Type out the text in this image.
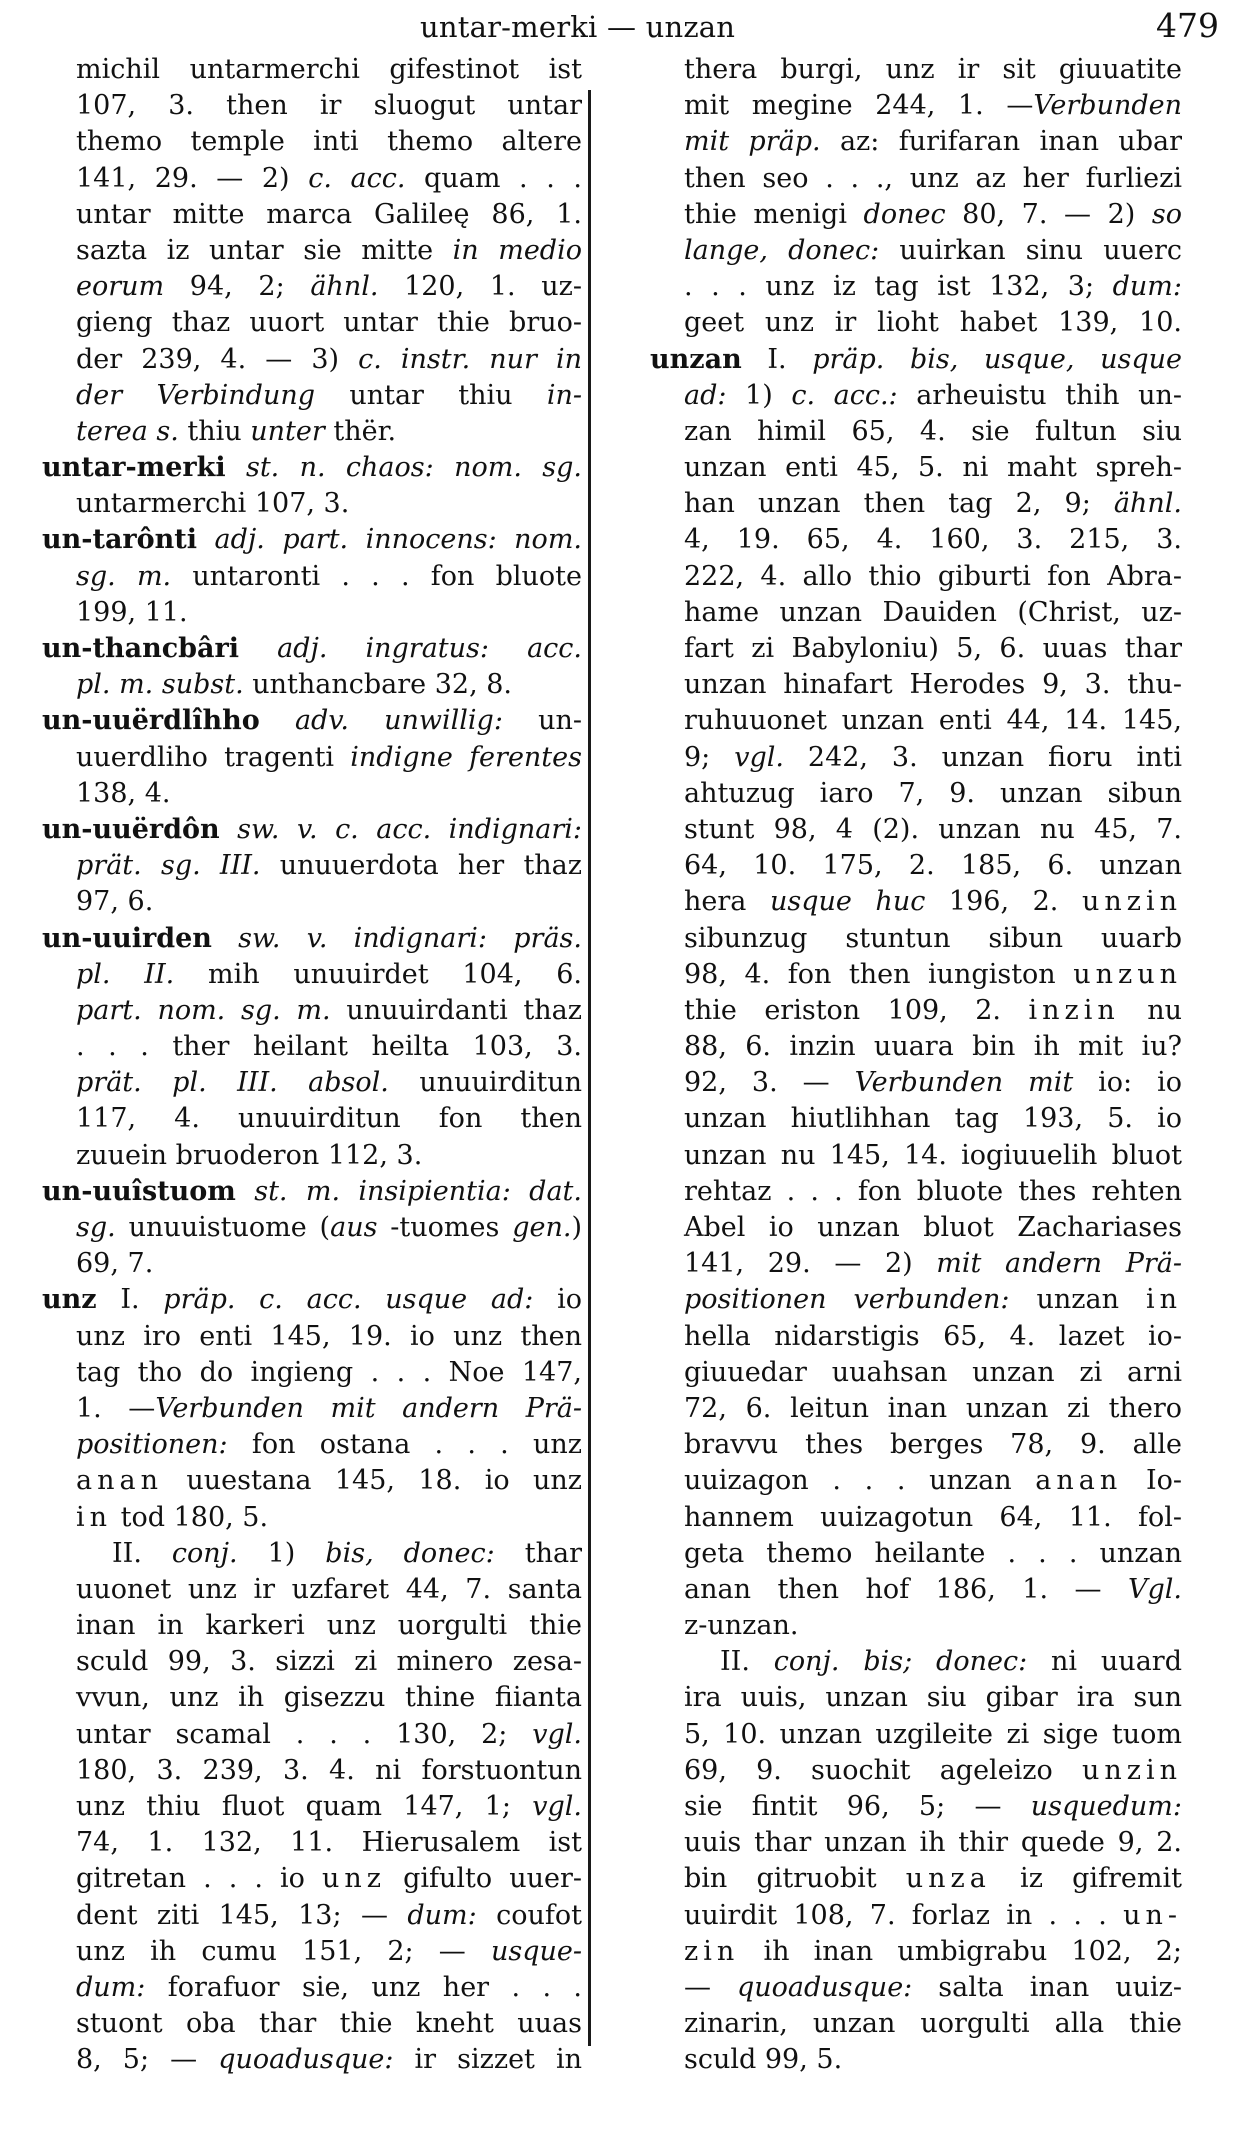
untar-merki — unzan	479
michil untarmerchi gifestinot ist
107, 3. then ir sluogut untar
themo temple inti themo altere
141, 29. — 2) c. acc. quam . . .
untar mitte marca Galileę 86, 1.
sazta iz untar sie mitte in medio
eorum 94, 2; ähnl. 120, 1. uz-
gieng thaz uuort untar thie bruo-
der 239, 4. — 3) c. instr. nur in
der Verbindung untar thiu in-
terea s. thiu unter thër.
untar-merki st. n. chaos: nom. sg.
untarmerchi 107, 3.
un-tarônti adj. part. innocens: nom.
sg. m. untaronti . . . fon bluote
199, 11.
un-thancbâri adj. ingratus: acc.
pl. m. subst. unthancbare 32, 8.
un-uuërdlîhho adv. unwillig: un-
uuerdliho tragenti indigne ferentes
138, 4.
un-uuërdôn sw. v. c. acc. indignari:
prät. sg. III. unuuerdota her thaz
97, 6.
un-uuirden sw. v. indignari: präs.
pl. II. mih unuuirdet 104, 6.
part. nom. sg. m. unuuirdanti thaz
. . . ther heilant heilta 103, 3.
prät. pl. III. absol. unuuirditun
117, 4. unuuirditun fon then
zuuein bruoderon 112, 3.
un-uuîstuom st. m. insipientia: dat.
sg. unuuistuome (aus -tuomes gen.)
69, 7.
unz I. präp. c. acc. usque ad: io
unz iro enti 145, 19. io unz then
tag tho do ingieng . . . Noe 147,
1. —Verbunden mit andern Prä-
positionen: fon ostana . . . unz
anan uuestana 145, 18. io unz
in tod 180, 5.
II. conj. 1) bis, donec: thar
uuonet unz ir uzfaret 44, 7. santa
inan in karkeri unz uorgulti thie
sculd 99, 3. sizzi zi minero zesa-
vvun, unz ih gisezzu thine fiianta
untar scamal . . . 130, 2; vgl.
180, 3. 239, 3. 4. ni forstuontun
unz thiu fluot quam 147, 1; vgl.
74, 1. 132, 11. Hierusalem ist
gitretan . . . io unz gifulto uuer-
dent ziti 145, 13; — dum: coufot
unz ih cumu 151, 2; — usque-
dum: forafuor sie, unz her . . .
stuont oba thar thie kneht uuas
8, 5; — quoadusque: ir sizzet in
thera burgi, unz ir sit giuuatite
mit megine 244, 1. —Verbunden
mit präp. az: furifaran inan ubar
then seo . . ., unz az her furliezi
thie menigi donec 80, 7. — 2) so
lange, donec: uuirkan sinu uuerc
. . . unz iz tag ist 132, 3; dum:
geet unz ir lioht habet 139, 10.
unzan I. präp. bis, usque, usque
ad: 1) c. acc.: arheuistu thih un-
zan himil 65, 4. sie fultun siu
unzan enti 45, 5. ni maht spreh-
han unzan then tag 2, 9; ähnl.
4, 19. 65, 4. 160, 3. 215, 3.
222, 4. allo thio giburti fon Abra-
hame unzan Dauiden (Christ, uz-
fart zi Babyloniu) 5, 6. uuas thar
unzan hinafart Herodes 9, 3. thu-
ruhuuonet unzan enti 44, 14. 145,
9; vgl. 242, 3. unzan fioru inti
ahtuzug iaro 7, 9. unzan sibun
stunt 98, 4 (2). unzan nu 45, 7.
64, 10. 175, 2. 185, 6. unzan
hera usque huc 196, 2. unzin
sibunzug stuntun sibun uuarb
98, 4. fon then iungiston unzun
thie eriston 109, 2. inzin nu
88, 6. inzin uuara bin ih mit iu?
92, 3. — Verbunden mit io: io
unzan hiutlihhan tag 193, 5. io
unzan nu 145, 14. iogiuuelih bluot
rehtaz . . . fon bluote thes rehten
Abel io unzan bluot Zachariases
141, 29. — 2) mit andern Prä-
positionen verbunden: unzan in
hella nidarstigis 65, 4. lazet io-
giuuedar uuahsan unzan zi arni
72, 6. leitun inan unzan zi thero
bravvu thes berges 78, 9. alle
uuizagon . . . unzan anan Io-
hannem uuizagotun 64, 11. fol-
geta themo heilante . . . unzan
anan then hof 186, 1. — Vgl.
z-unzan.
II. conj. bis; donec: ni uuard
ira uuis, unzan siu gibar ira sun
5, 10. unzan uzgileite zi sige tuom
69, 9. suochit ageleizo unzin
sie fintit 96, 5; — usquedum:
uuis thar unzan ih thir quede 9, 2.
bin gitruobit unza iz gifremit
uuirdit 108, 7. forlaz in . . . un-
zin ih inan umbigrabu 102, 2;
— quoadusque: salta inan uuiz-
zinarin, unzan uorgulti alla thie
sculd 99, 5.
